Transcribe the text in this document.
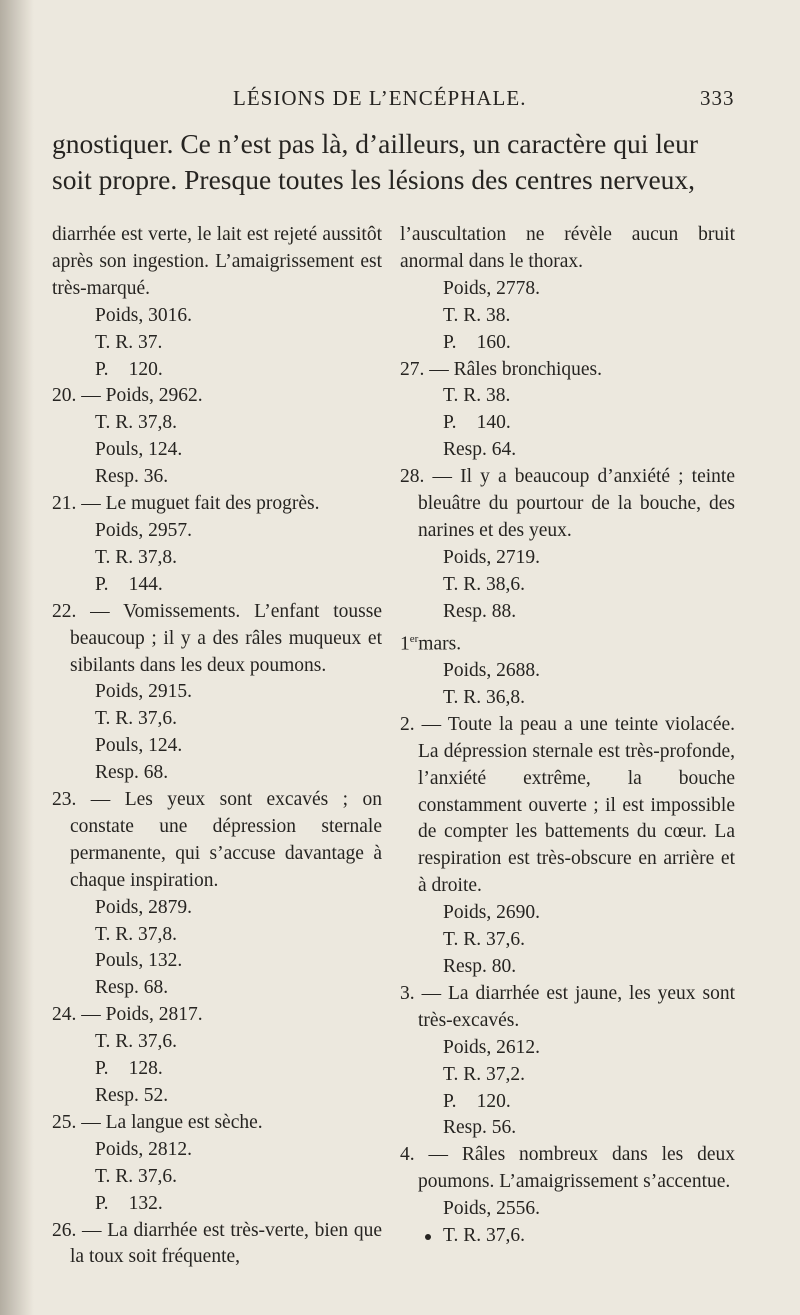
LÉSIONS DE L’ENCÉPHALE.	333

gnostiquer. Ce n’est pas là, d’ailleurs, un caractère qui leur

soit propre. Presque toutes les lésions des centres nerveux,

diarrhée est verte, le lait est rejeté aussitôt après son ingestion. L’amaigrissement est très-marqué.

Poids, 3016.

T. R. 37.

P. 120.

20. — Poids, 2962.

T. R. 37,8.

Pouls, 124.

Resp. 36.

21. — Le muguet fait des progrès.

Poids, 2957.

T. R. 37,8.

P. 144.

22. — Vomissements. L’enfant tousse beaucoup ; il y a des râles muqueux et sibilants dans les deux poumons.

Poids, 2915.

T. R. 37,6.

Pouls, 124.

Resp. 68.

23. — Les yeux sont excavés ; on constate une dépression sternale permanente, qui s’accuse davantage à chaque inspiration.

Poids, 2879.

T. R. 37,8.

Pouls, 132.

Resp. 68.

24. — Poids, 2817.

T. R. 37,6.

P. 128.

Resp. 52.

25. — La langue est sèche.

Poids, 2812.

T. R. 37,6.

P. 132.

26. — La diarrhée est très-verte, bien que la toux soit fréquente,

l’auscultation ne révèle aucun bruit anormal dans le thorax.

Poids, 2778.

T. R. 38.

P. 160.

27. — Râles bronchiques.

T. R. 38.

P. 140.

Resp. 64.

28. — Il y a beaucoup d’anxiété ; teinte bleuâtre du pourtour de la bouche, des narines et des yeux.

Poids, 2719.

T. R. 38,6.

Resp. 88.

1ermars.

Poids, 2688.

T. R. 36,8.

2. — Toute la peau a une teinte violacée. La dépression sternale est très-profonde, l’anxiété extrême, la bouche constamment ouverte ; il est impossible de compter les battements du cœur. La respiration est très-obscure en arrière et à droite.

Poids, 2690.

T. R. 37,6.

Resp. 80.

3. — La diarrhée est jaune, les yeux sont très-excavés.

Poids, 2612.

T. R. 37,2.

P. 120.

Resp. 56.

4. — Râles nombreux dans les deux poumons. L’amaigrissement s’accentue.

Poids, 2556.

T. R. 37,6.
